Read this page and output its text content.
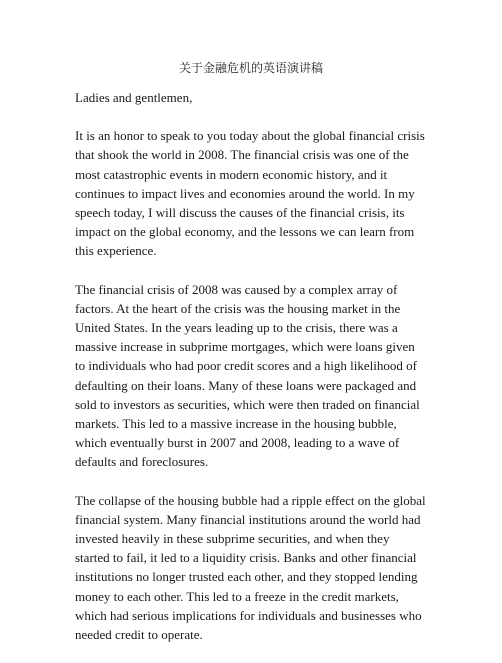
关于金融危机的英语演讲稿

Ladies and gentlemen,

It is an honor to speak to you today about the global financial crisis that shook the world in 2008. The financial crisis was one of the most catastrophic events in modern economic history, and it continues to impact lives and economies around the world. In my speech today, I will discuss the causes of the financial crisis, its impact on the global economy, and the lessons we can learn from this experience.

The financial crisis of 2008 was caused by a complex array of factors. At the heart of the crisis was the housing market in the United States. In the years leading up to the crisis, there was a massive increase in subprime mortgages, which were loans given to individuals who had poor credit scores and a high likelihood of defaulting on their loans. Many of these loans were packaged and sold to investors as securities, which were then traded on financial markets. This led to a massive increase in the housing bubble, which eventually burst in 2007 and 2008, leading to a wave of defaults and foreclosures.

The collapse of the housing bubble had a ripple effect on the global financial system. Many financial institutions around the world had invested heavily in these subprime securities, and when they started to fail, it led to a liquidity crisis. Banks and other financial institutions no longer trusted each other, and they stopped lending money to each other. This led to a freeze in the credit markets, which had serious implications for individuals and businesses who needed credit to operate.
